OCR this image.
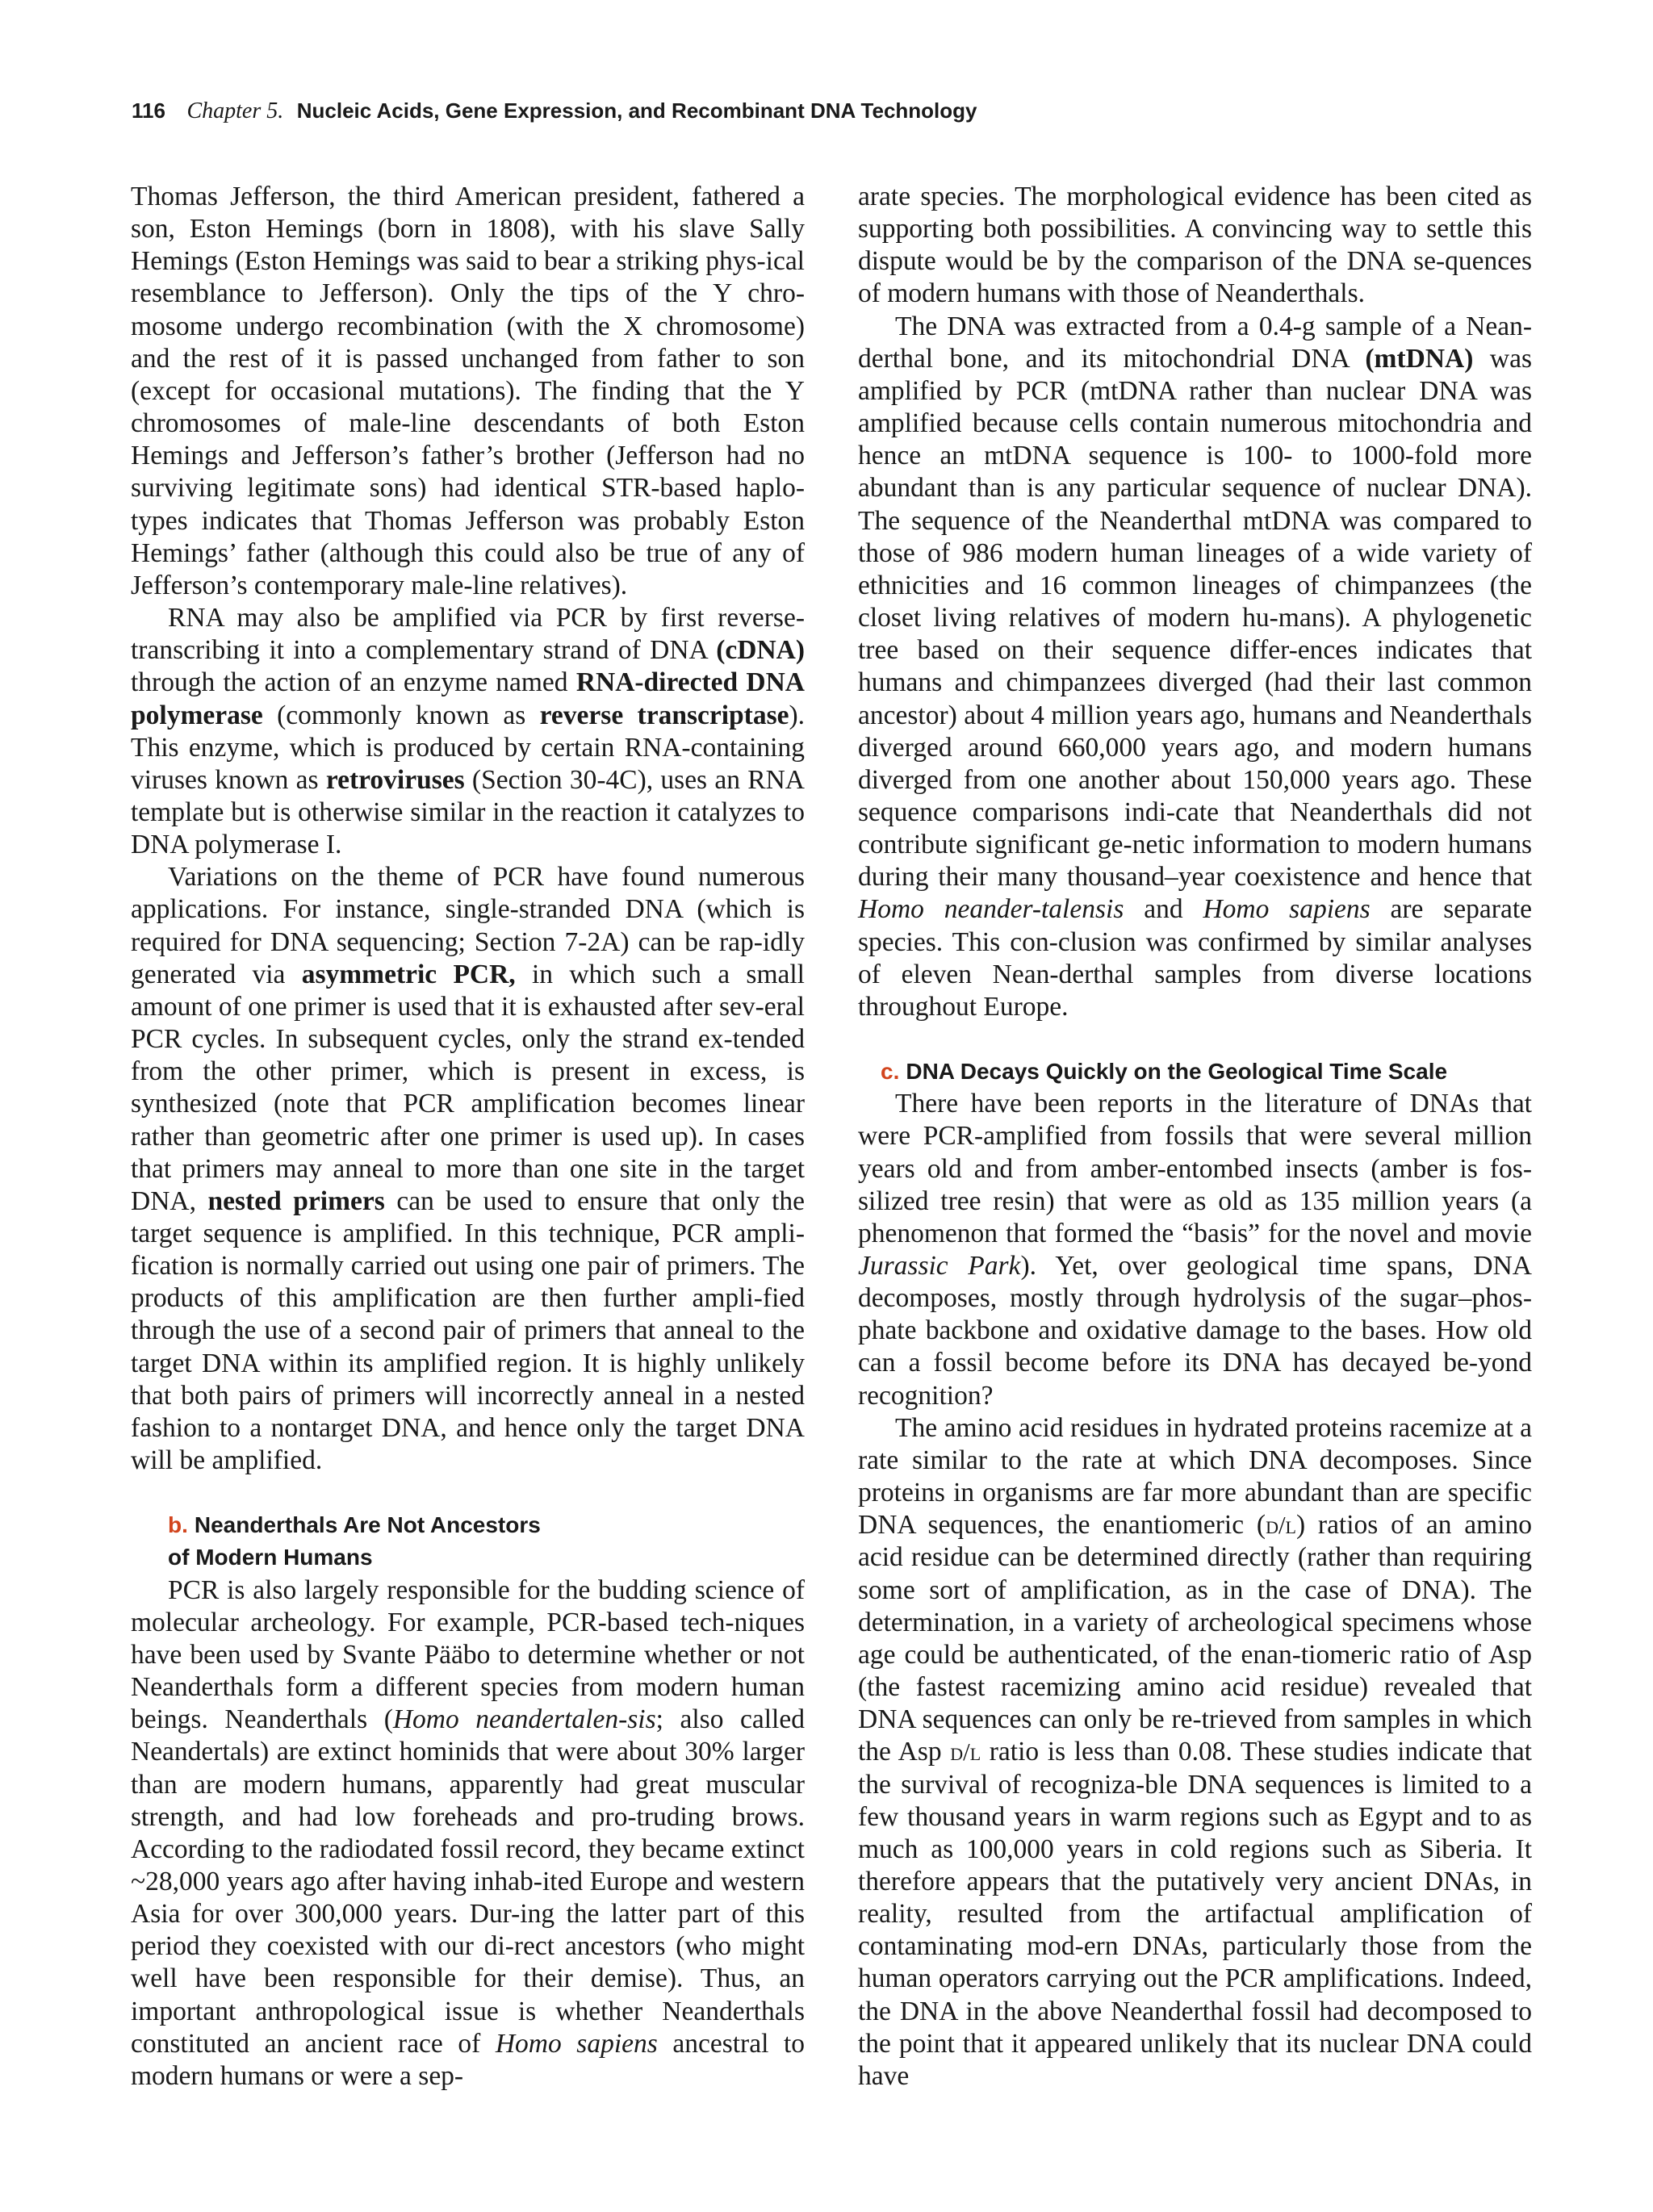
116 Chapter 5. Nucleic Acids, Gene Expression, and Recombinant DNA Technology

Thomas Jefferson, the third American president, fathered a son, Eston Hemings (born in 1808), with his slave Sally Hemings (Eston Hemings was said to bear a striking phys-ical resemblance to Jefferson). Only the tips of the Y chro-mosome undergo recombination (with the X chromosome) and the rest of it is passed unchanged from father to son (except for occasional mutations). The finding that the Y chromosomes of male-line descendants of both Eston Hemings and Jefferson’s father’s brother (Jefferson had no surviving legitimate sons) had identical STR-based haplo-types indicates that Thomas Jefferson was probably Eston Hemings’ father (although this could also be true of any of Jefferson’s contemporary male-line relatives).

RNA may also be amplified via PCR by first reverse-transcribing it into a complementary strand of DNA (cDNA) through the action of an enzyme named RNA-directed DNA polymerase (commonly known as reverse transcriptase). This enzyme, which is produced by certain RNA-containing viruses known as retroviruses (Section 30-4C), uses an RNA template but is otherwise similar in the reaction it catalyzes to DNA polymerase I.

Variations on the theme of PCR have found numerous applications. For instance, single-stranded DNA (which is required for DNA sequencing; Section 7-2A) can be rap-idly generated via asymmetric PCR, in which such a small amount of one primer is used that it is exhausted after sev-eral PCR cycles. In subsequent cycles, only the strand ex-tended from the other primer, which is present in excess, is synthesized (note that PCR amplification becomes linear rather than geometric after one primer is used up). In cases that primers may anneal to more than one site in the target DNA, nested primers can be used to ensure that only the target sequence is amplified. In this technique, PCR ampli-fication is normally carried out using one pair of primers. The products of this amplification are then further ampli-fied through the use of a second pair of primers that anneal to the target DNA within its amplified region. It is highly unlikely that both pairs of primers will incorrectly anneal in a nested fashion to a nontarget DNA, and hence only the target DNA will be amplified.

b. Neanderthals Are Not Ancestors
of Modern Humans

PCR is also largely responsible for the budding science of molecular archeology. For example, PCR-based tech-niques have been used by Svante Pääbo to determine whether or not Neanderthals form a different species from modern human beings. Neanderthals (Homo neandertalen-sis; also called Neandertals) are extinct hominids that were about 30% larger than are modern humans, apparently had great muscular strength, and had low foreheads and pro-truding brows. According to the radiodated fossil record, they became extinct ~28,000 years ago after having inhab-ited Europe and western Asia for over 300,000 years. Dur-ing the latter part of this period they coexisted with our di-rect ancestors (who might well have been responsible for their demise). Thus, an important anthropological issue is whether Neanderthals constituted an ancient race of Homo sapiens ancestral to modern humans or were a sep-

arate species. The morphological evidence has been cited as supporting both possibilities. A convincing way to settle this dispute would be by the comparison of the DNA se-quences of modern humans with those of Neanderthals.

The DNA was extracted from a 0.4-g sample of a Nean-derthal bone, and its mitochondrial DNA (mtDNA) was amplified by PCR (mtDNA rather than nuclear DNA was amplified because cells contain numerous mitochondria and hence an mtDNA sequence is 100- to 1000-fold more abundant than is any particular sequence of nuclear DNA). The sequence of the Neanderthal mtDNA was compared to those of 986 modern human lineages of a wide variety of ethnicities and 16 common lineages of chimpanzees (the closet living relatives of modern hu-mans). A phylogenetic tree based on their sequence differ-ences indicates that humans and chimpanzees diverged (had their last common ancestor) about 4 million years ago, humans and Neanderthals diverged around 660,000 years ago, and modern humans diverged from one another about 150,000 years ago. These sequence comparisons indi-cate that Neanderthals did not contribute significant ge-netic information to modern humans during their many thousand–year coexistence and hence that Homo neander-talensis and Homo sapiens are separate species. This con-clusion was confirmed by similar analyses of eleven Nean-derthal samples from diverse locations throughout Europe.

c. DNA Decays Quickly on the Geological Time Scale

There have been reports in the literature of DNAs that were PCR-amplified from fossils that were several million years old and from amber-entombed insects (amber is fos-silized tree resin) that were as old as 135 million years (a phenomenon that formed the “basis” for the novel and movie Jurassic Park). Yet, over geological time spans, DNA decomposes, mostly through hydrolysis of the sugar–phos-phate backbone and oxidative damage to the bases. How old can a fossil become before its DNA has decayed be-yond recognition?

The amino acid residues in hydrated proteins racemize at a rate similar to the rate at which DNA decomposes. Since proteins in organisms are far more abundant than are specific DNA sequences, the enantiomeric (d/l) ratios of an amino acid residue can be determined directly (rather than requiring some sort of amplification, as in the case of DNA). The determination, in a variety of archeological specimens whose age could be authenticated, of the enan-tiomeric ratio of Asp (the fastest racemizing amino acid residue) revealed that DNA sequences can only be re-trieved from samples in which the Asp d/l ratio is less than 0.08. These studies indicate that the survival of recogniza-ble DNA sequences is limited to a few thousand years in warm regions such as Egypt and to as much as 100,000 years in cold regions such as Siberia. It therefore appears that the putatively very ancient DNAs, in reality, resulted from the artifactual amplification of contaminating mod-ern DNAs, particularly those from the human operators carrying out the PCR amplifications. Indeed, the DNA in the above Neanderthal fossil had decomposed to the point that it appeared unlikely that its nuclear DNA could have
